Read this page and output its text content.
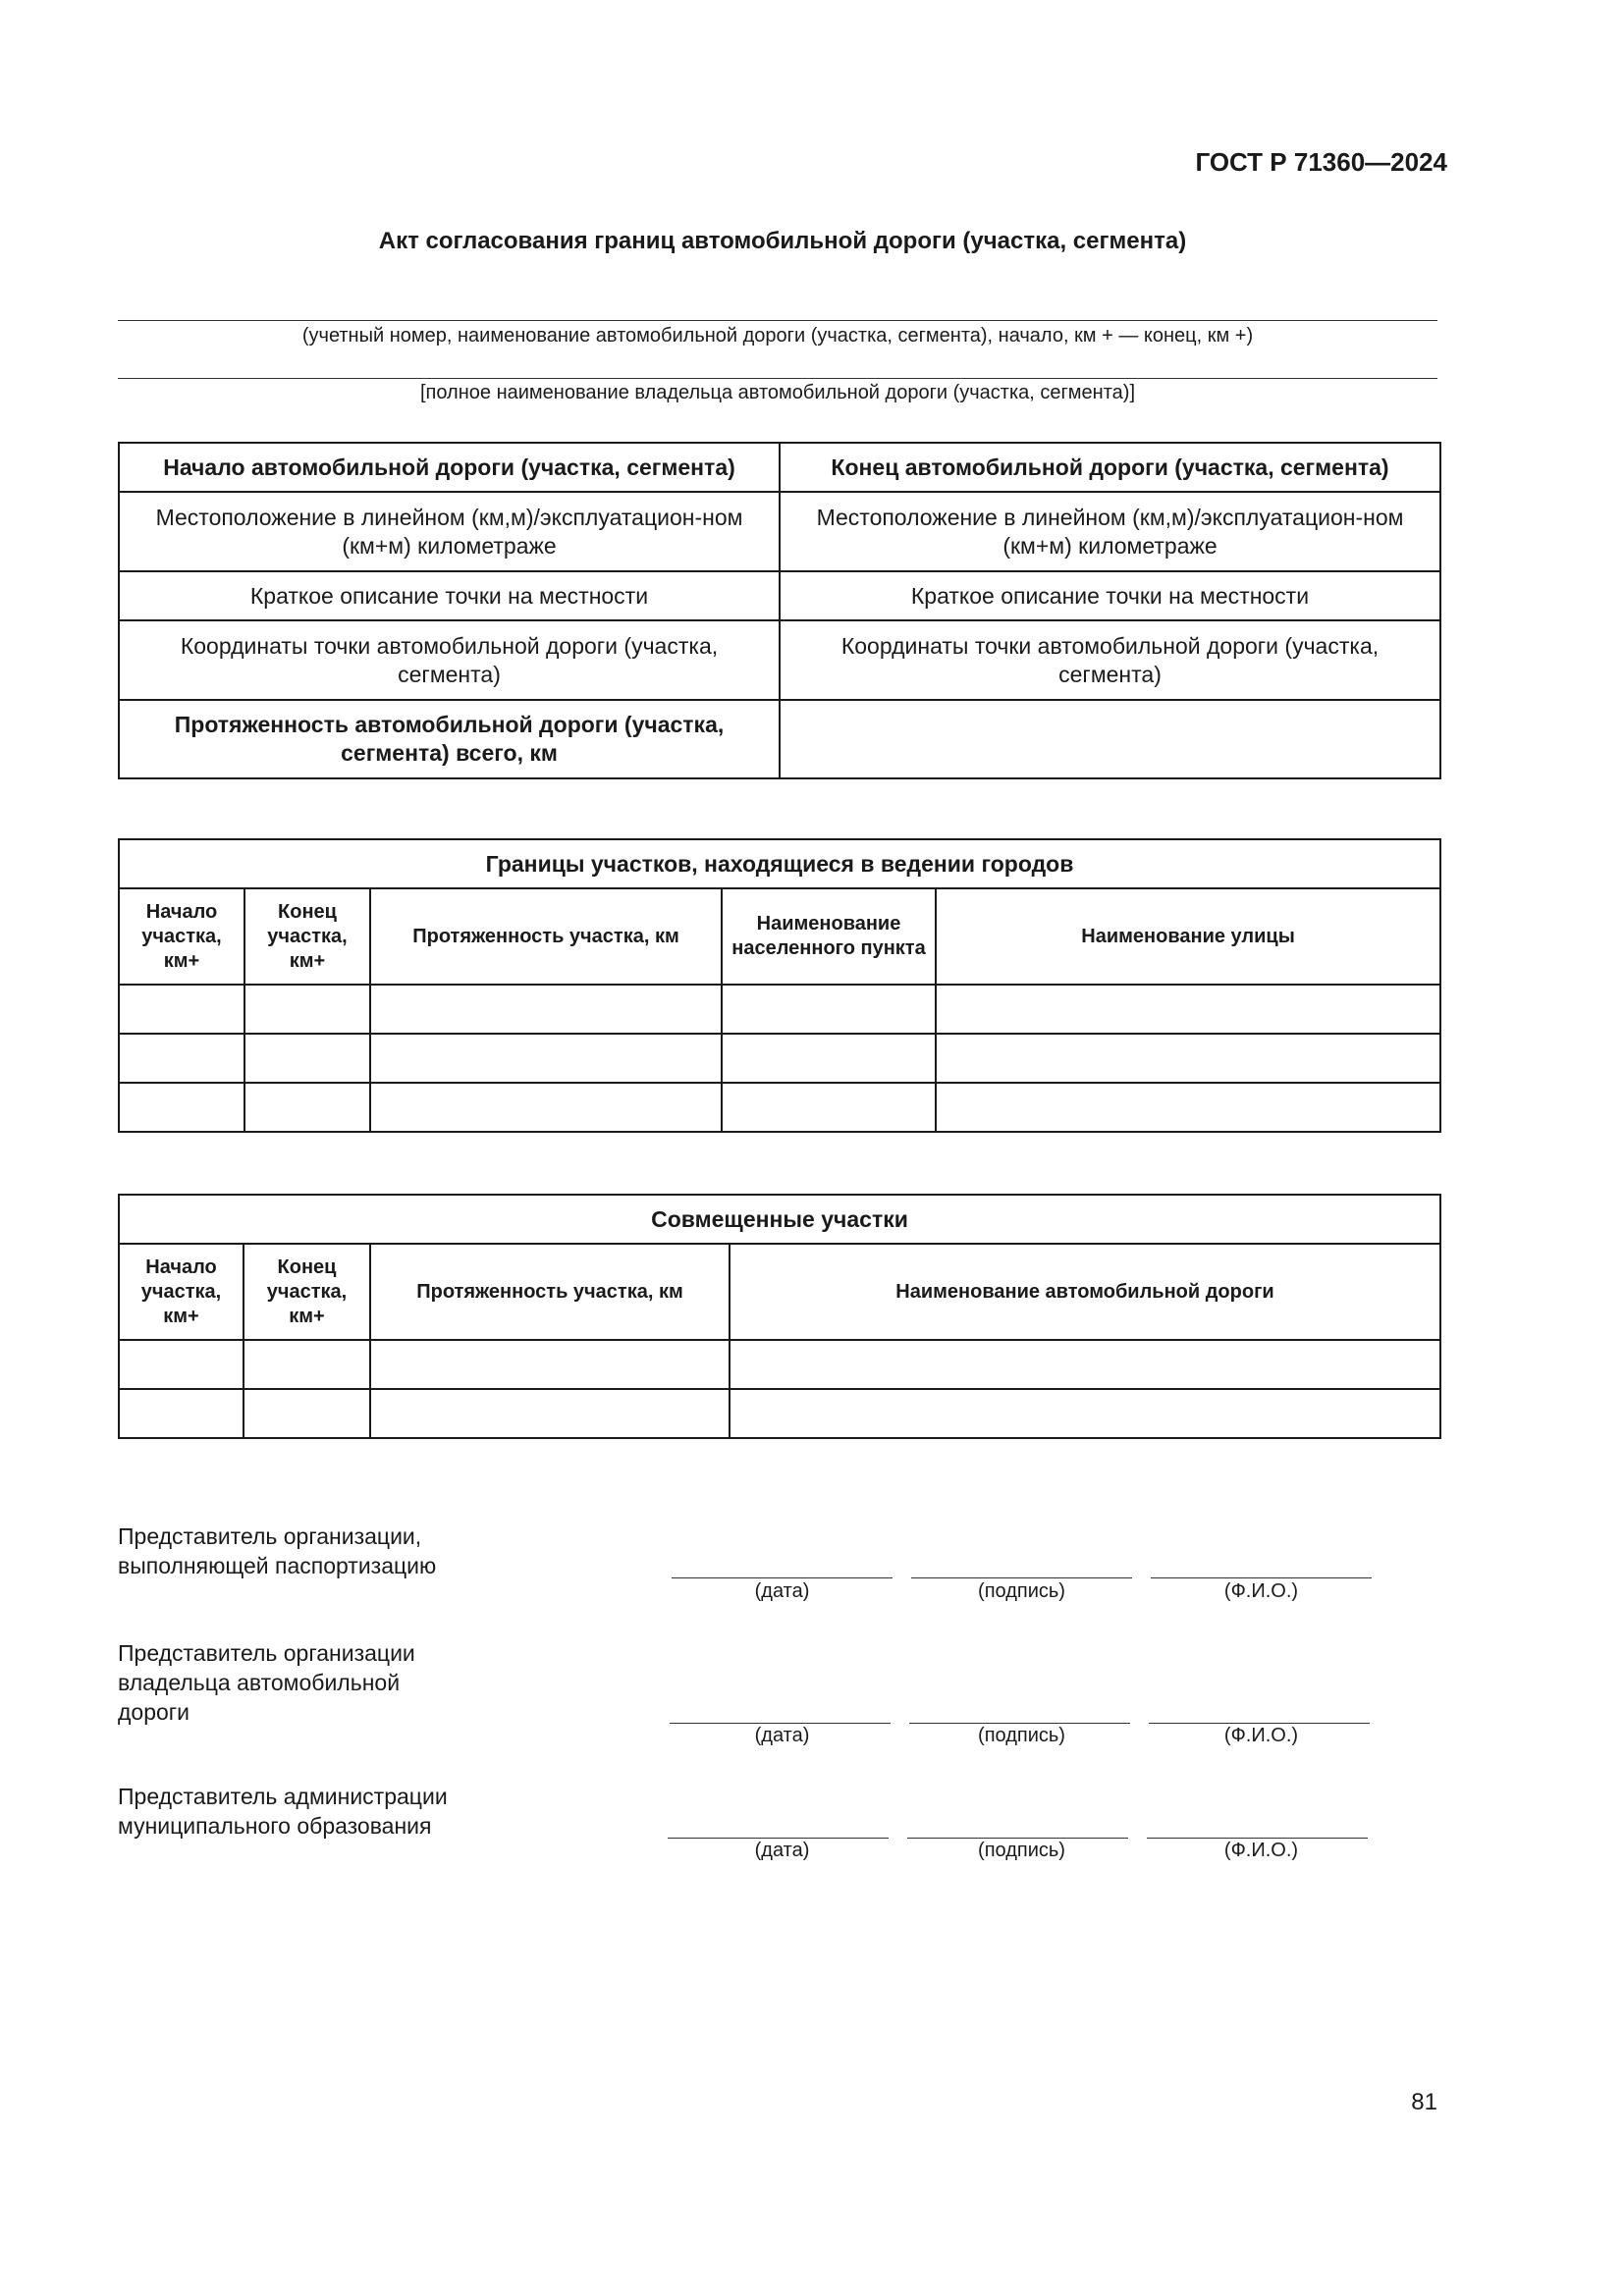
ГОСТ Р 71360—2024
Акт согласования границ автомобильной дороги (участка, сегмента)
(учетный номер, наименование автомобильной дороги (участка, сегмента), начало, км + — конец, км +)
[полное наименование владельца автомобильной дороги (участка, сегмента)]
Начало автомобильной дороги (участка, сегмента)	Конец автомобильной дороги (участка, сегмента)
Местоположение в линейном (км,м)/эксплуатацион-ном (км+м) километраже	Местоположение в линейном (км,м)/эксплуатацион-ном (км+м) километраже
Краткое описание точки на местности	Краткое описание точки на местности
Координаты точки автомобильной дороги (участка, сегмента)	Координаты точки автомобильной дороги (участка, сегмента)
Протяженность автомобильной дороги (участка, сегмента) всего, км	
Границы участков, находящиеся в ведении городов				
Начало участка, км+	Конец участка, км+	Протяженность участка, км	Наименование населенного пункта	Наименование улицы

Совмещенные участки			
Начало участка, км+	Конец участка, км+	Протяженность участка, км	Наименование автомобильной дороги

Представитель организации, выполняющей паспортизацию
(дата)	(подпись)	(Ф.И.О.)
Представитель организации владельца автомобильной дороги
(дата)	(подпись)	(Ф.И.О.)
Представитель администрации муниципального образования
(дата)	(подпись)	(Ф.И.О.)
81
